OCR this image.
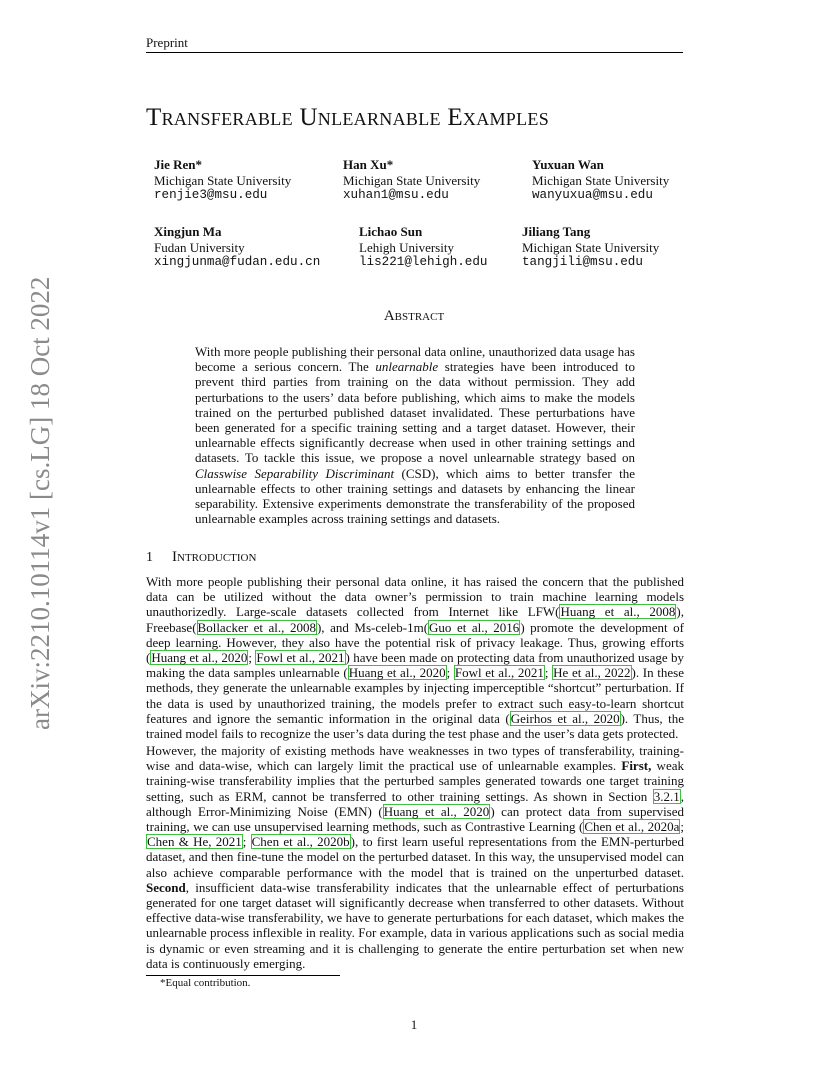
Preprint
Transferable Unlearnable Examples
Jie Ren*
Michigan State University
renjie3@msu.edu
Han Xu*
Michigan State University
xuhan1@msu.edu
Yuxuan Wan
Michigan State University
wanyuxua@msu.edu
Xingjun Ma
Fudan University
xingjunma@fudan.edu.cn
Lichao Sun
Lehigh University
lis221@lehigh.edu
Jiliang Tang
Michigan State University
tangjili@msu.edu
arXiv:2210.10114v1 [cs.LG] 18 Oct 2022	Abstract
With more people publishing their personal data online, unauthorized data usage has become a serious concern. The unlearnable strategies have been introduced to prevent third parties from training on the data without permission. They add perturbations to the users’ data before publishing, which aims to make the models trained on the perturbed published dataset invalidated. These perturbations have been generated for a specific training setting and a target dataset. However, their unlearnable effects significantly decrease when used in other training settings and datasets. To tackle this issue, we propose a novel unlearnable strategy based on Classwise Separability Discriminant (CSD), which aims to better transfer the unlearnable effects to other training settings and datasets by enhancing the linear separability. Extensive experiments demonstrate the transferability of the proposed unlearnable examples across training settings and datasets.
1 Introduction
With more people publishing their personal data online, it has raised the concern that the published data can be utilized without the data owner’s permission to train machine learning models unauthorizedly. Large-scale datasets collected from Internet like LFW(Huang et al., 2008), Freebase(Bollacker et al., 2008), and Ms-celeb-1m(Guo et al., 2016) promote the development of deep learning. However, they also have the potential risk of privacy leakage. Thus, growing efforts (Huang et al., 2020; Fowl et al., 2021) have been made on protecting data from unauthorized usage by making the data samples unlearnable (Huang et al., 2020; Fowl et al., 2021; He et al., 2022). In these methods, they generate the unlearnable examples by injecting imperceptible “shortcut” perturbation. If the data is used by unauthorized training, the models prefer to extract such easy-to-learn shortcut features and ignore the semantic information in the original data (Geirhos et al., 2020). Thus, the trained model fails to recognize the user’s data during the test phase and the user’s data gets protected.
However, the majority of existing methods have weaknesses in two types of transferability, training-wise and data-wise, which can largely limit the practical use of unlearnable examples. First, weak training-wise transferability implies that the perturbed samples generated towards one target training setting, such as ERM, cannot be transferred to other training settings. As shown in Section 3.2.1, although Error-Minimizing Noise (EMN) (Huang et al., 2020) can protect data from supervised training, we can use unsupervised learning methods, such as Contrastive Learning (Chen et al., 2020a; Chen & He, 2021; Chen et al., 2020b), to first learn useful representations from the EMN-perturbed dataset, and then fine-tune the model on the perturbed dataset. In this way, the unsupervised model can also achieve comparable performance with the model that is trained on the unperturbed dataset. Second, insufficient data-wise transferability indicates that the unlearnable effect of perturbations generated for one target dataset will significantly decrease when transferred to other datasets. Without effective data-wise transferability, we have to generate perturbations for each dataset, which makes the unlearnable process inflexible in reality. For example, data in various applications such as social media is dynamic or even streaming and it is challenging to generate the entire perturbation set when new data is continuously emerging.
*Equal contribution.
1
